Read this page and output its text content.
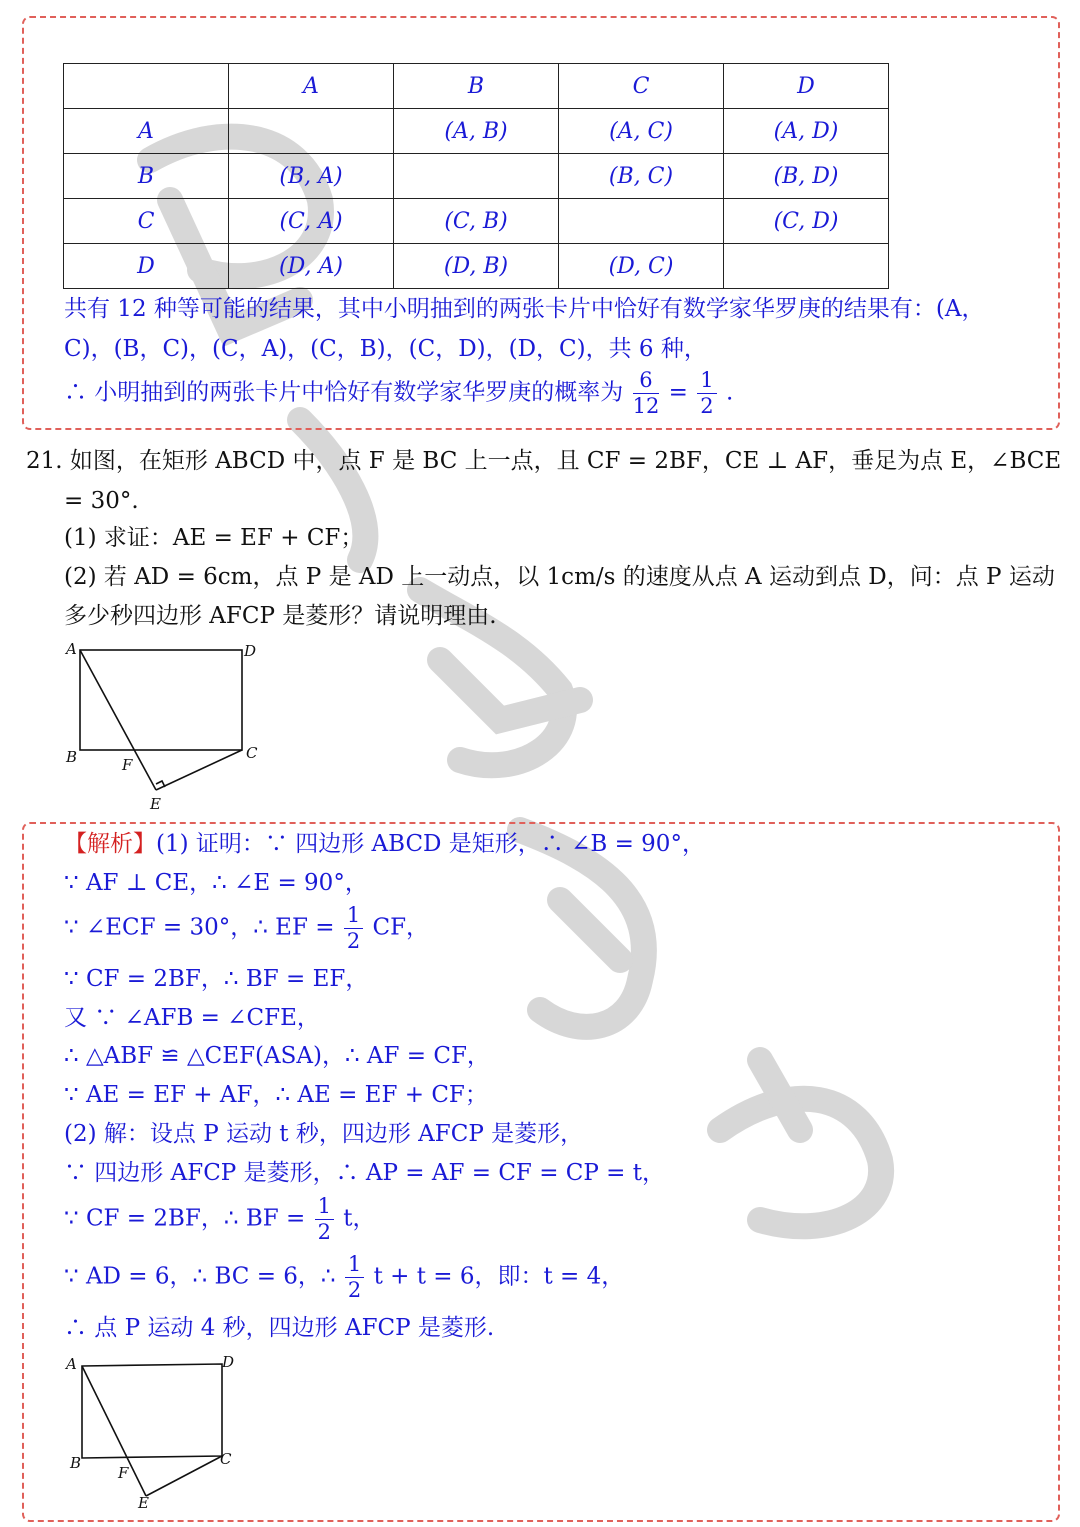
	A	B	C	D
A		(A, B)	(A, C)	(A, D)
B	(B, A)		(B, C)	(B, D)
C	(C, A)	(C, B)		(C, D)
D	(D, A)	(D, B)	(D, C)	
共有 12 种等可能的结果，其中小明抽到的两张卡片中恰好有数学家华罗庚的结果有：(A，
C)，(B，C)，(C，A)，(C，B)，(C，D)，(D，C)，共 6 种，
∴ 小明抽到的两张卡片中恰好有数学家华罗庚的概率为 $\frac{6}{12} = \frac{1}{2}$ .
21. 如图，在矩形 ABCD 中，点 F 是 BC 上一点，且 CF = 2BF，CE ⊥ AF，垂足为点 E，∠BCE
= 30°.
(1) 求证：AE = EF + CF；
(2) 若 AD = 6cm，点 P 是 AD 上一动点，以 1cm/s 的速度从点 A 运动到点 D，问：点 P 运动
多少秒四边形 AFCP 是菱形？请说明理由.
A	D
B	C
F
E
【解析】(1) 证明：∵ 四边形 ABCD 是矩形，∴ ∠B = 90°，
∵ AF ⊥ CE，∴ ∠E = 90°，
∵ ∠ECF = 30°，∴ EF = $\frac{1}{2}$ CF，
∵ CF = 2BF，∴ BF = EF，
又 ∵ ∠AFB = ∠CFE，
∴ △ABF ≌ △CEF(ASA)，∴ AF = CF，
∵ AE = EF + AF，∴ AE = EF + CF；
(2) 解：设点 P 运动 t 秒，四边形 AFCP 是菱形，
∵ 四边形 AFCP 是菱形，∴ AP = AF = CF = CP = t，
∵ CF = 2BF，∴ BF = $\frac{1}{2}$ t，
∵ AD = 6，∴ BC = 6，∴ $\frac{1}{2}$ t + t = 6，即：t = 4，
∴ 点 P 运动 4 秒，四边形 AFCP 是菱形.
A	D
B	C
F
E
